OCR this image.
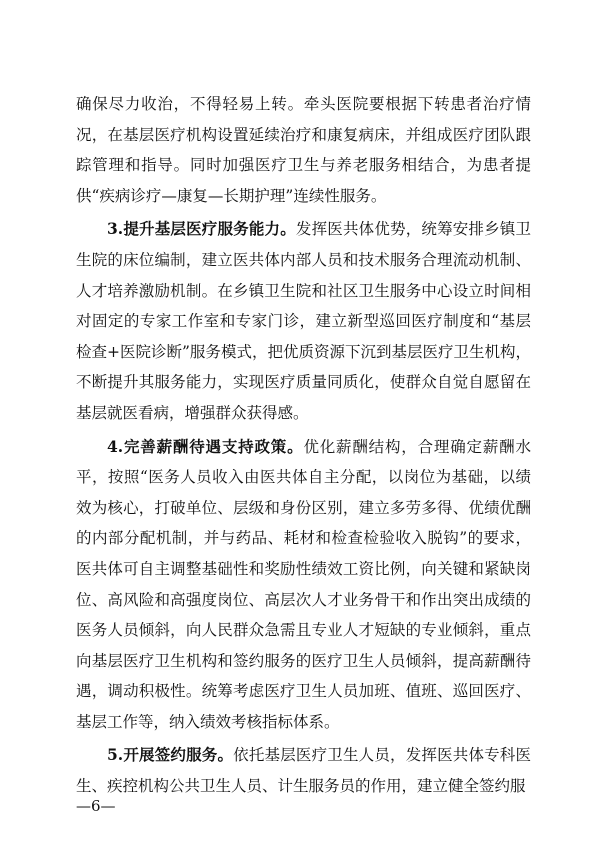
确保尽力收治，不得轻易上转。牵头医院要根据下转患者治疗情况，在基层医疗机构设置延续治疗和康复病床，并组成医疗团队跟踪管理和指导。同时加强医疗卫生与养老服务相结合，为患者提供“疾病诊疗—康复—长期护理”连续性服务。

3.提升基层医疗服务能力。发挥医共体优势，统筹安排乡镇卫生院的床位编制，建立医共体内部人员和技术服务合理流动机制、人才培养激励机制。在乡镇卫生院和社区卫生服务中心设立时间相对固定的专家工作室和专家门诊，建立新型巡回医疗制度和“基层检查+医院诊断”服务模式，把优质资源下沉到基层医疗卫生机构，不断提升其服务能力，实现医疗质量同质化，使群众自觉自愿留在基层就医看病，增强群众获得感。

4.完善薪酬待遇支持政策。优化薪酬结构，合理确定薪酬水平，按照“医务人员收入由医共体自主分配，以岗位为基础，以绩效为核心，打破单位、层级和身份区别，建立多劳多得、优绩优酬的内部分配机制，并与药品、耗材和检查检验收入脱钩”的要求，医共体可自主调整基础性和奖励性绩效工资比例，向关键和紧缺岗位、高风险和高强度岗位、高层次人才业务骨干和作出突出成绩的医务人员倾斜，向人民群众急需且专业人才短缺的专业倾斜，重点向基层医疗卫生机构和签约服务的医疗卫生人员倾斜，提高薪酬待遇，调动积极性。统筹考虑医疗卫生人员加班、值班、巡回医疗、基层工作等，纳入绩效考核指标体系。

5.开展签约服务。依托基层医疗卫生人员，发挥医共体专科医生、疾控机构公共卫生人员、计生服务员的作用，建立健全签约服

—6—
